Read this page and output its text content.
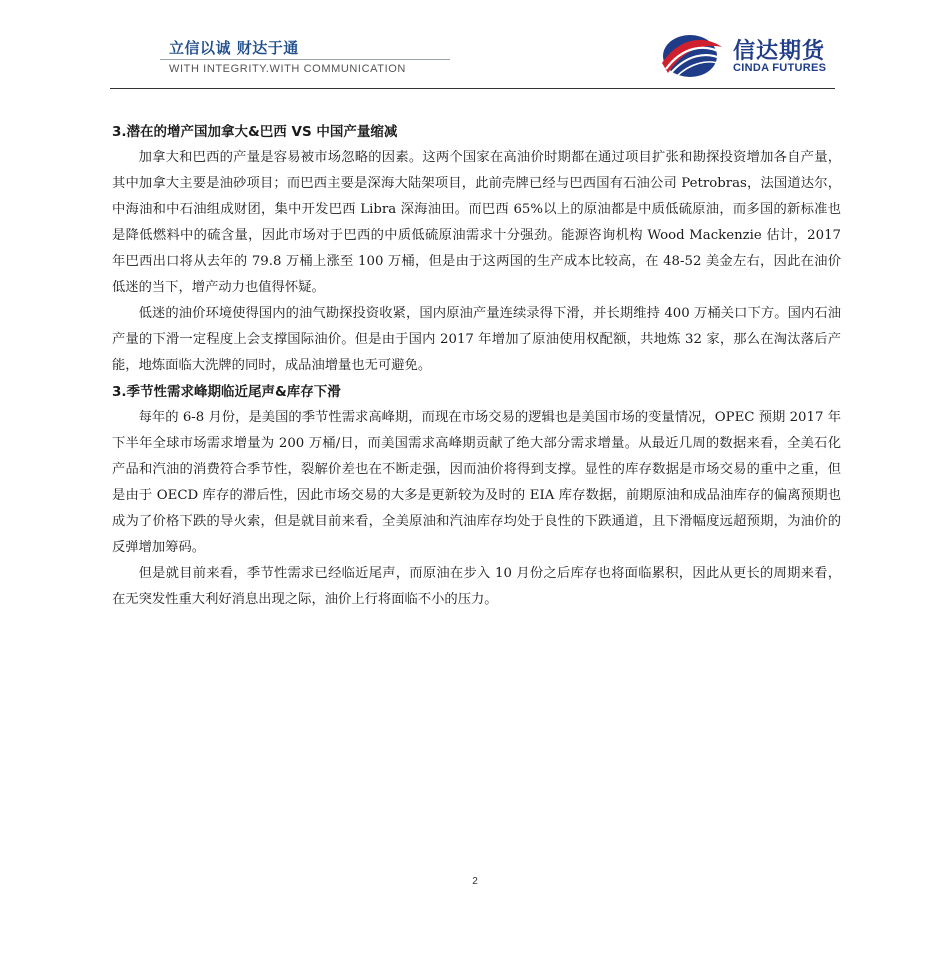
立信以诚 财达于通
WITH INTEGRITY.WITH COMMUNICATION
信达期货
CINDA FUTURES
3.潜在的增产国加拿大&巴西 VS 中国产量缩减

加拿大和巴西的产量是容易被市场忽略的因素。这两个国家在高油价时期都在通过项目扩张和勘探投资增加各自产量，其中加拿大主要是油砂项目；而巴西主要是深海大陆架项目，此前壳牌已经与巴西国有石油公司 Petrobras，法国道达尔，中海油和中石油组成财团，集中开发巴西 Libra 深海油田。而巴西 65%以上的原油都是中质低硫原油，而多国的新标准也是降低燃料中的硫含量，因此市场对于巴西的中质低硫原油需求十分强劲。能源咨询机构 Wood Mackenzie 估计，2017 年巴西出口将从去年的 79.8 万桶上涨至 100 万桶，但是由于这两国的生产成本比较高，在 48-52 美金左右，因此在油价低迷的当下，增产动力也值得怀疑。

低迷的油价环境使得国内的油气勘探投资收紧，国内原油产量连续录得下滑，并长期维持 400 万桶关口下方。国内石油产量的下滑一定程度上会支撑国际油价。但是由于国内 2017 年增加了原油使用权配额，共地炼 32 家，那么在淘汰落后产能，地炼面临大洗牌的同时，成品油增量也无可避免。

3.季节性需求峰期临近尾声&库存下滑

每年的 6-8 月份，是美国的季节性需求高峰期，而现在市场交易的逻辑也是美国市场的变量情况，OPEC 预期 2017 年下半年全球市场需求增量为 200 万桶/日，而美国需求高峰期贡献了绝大部分需求增量。从最近几周的数据来看，全美石化产品和汽油的消费符合季节性，裂解价差也在不断走强，因而油价将得到支撑。显性的库存数据是市场交易的重中之重，但是由于 OECD 库存的滞后性，因此市场交易的大多是更新较为及时的 EIA 库存数据，前期原油和成品油库存的偏离预期也成为了价格下跌的导火索，但是就目前来看，全美原油和汽油库存均处于良性的下跌通道，且下滑幅度远超预期，为油价的反弹增加筹码。

但是就目前来看，季节性需求已经临近尾声，而原油在步入 10 月份之后库存也将面临累积，因此从更长的周期来看，在无突发性重大利好消息出现之际，油价上行将面临不小的压力。

2
